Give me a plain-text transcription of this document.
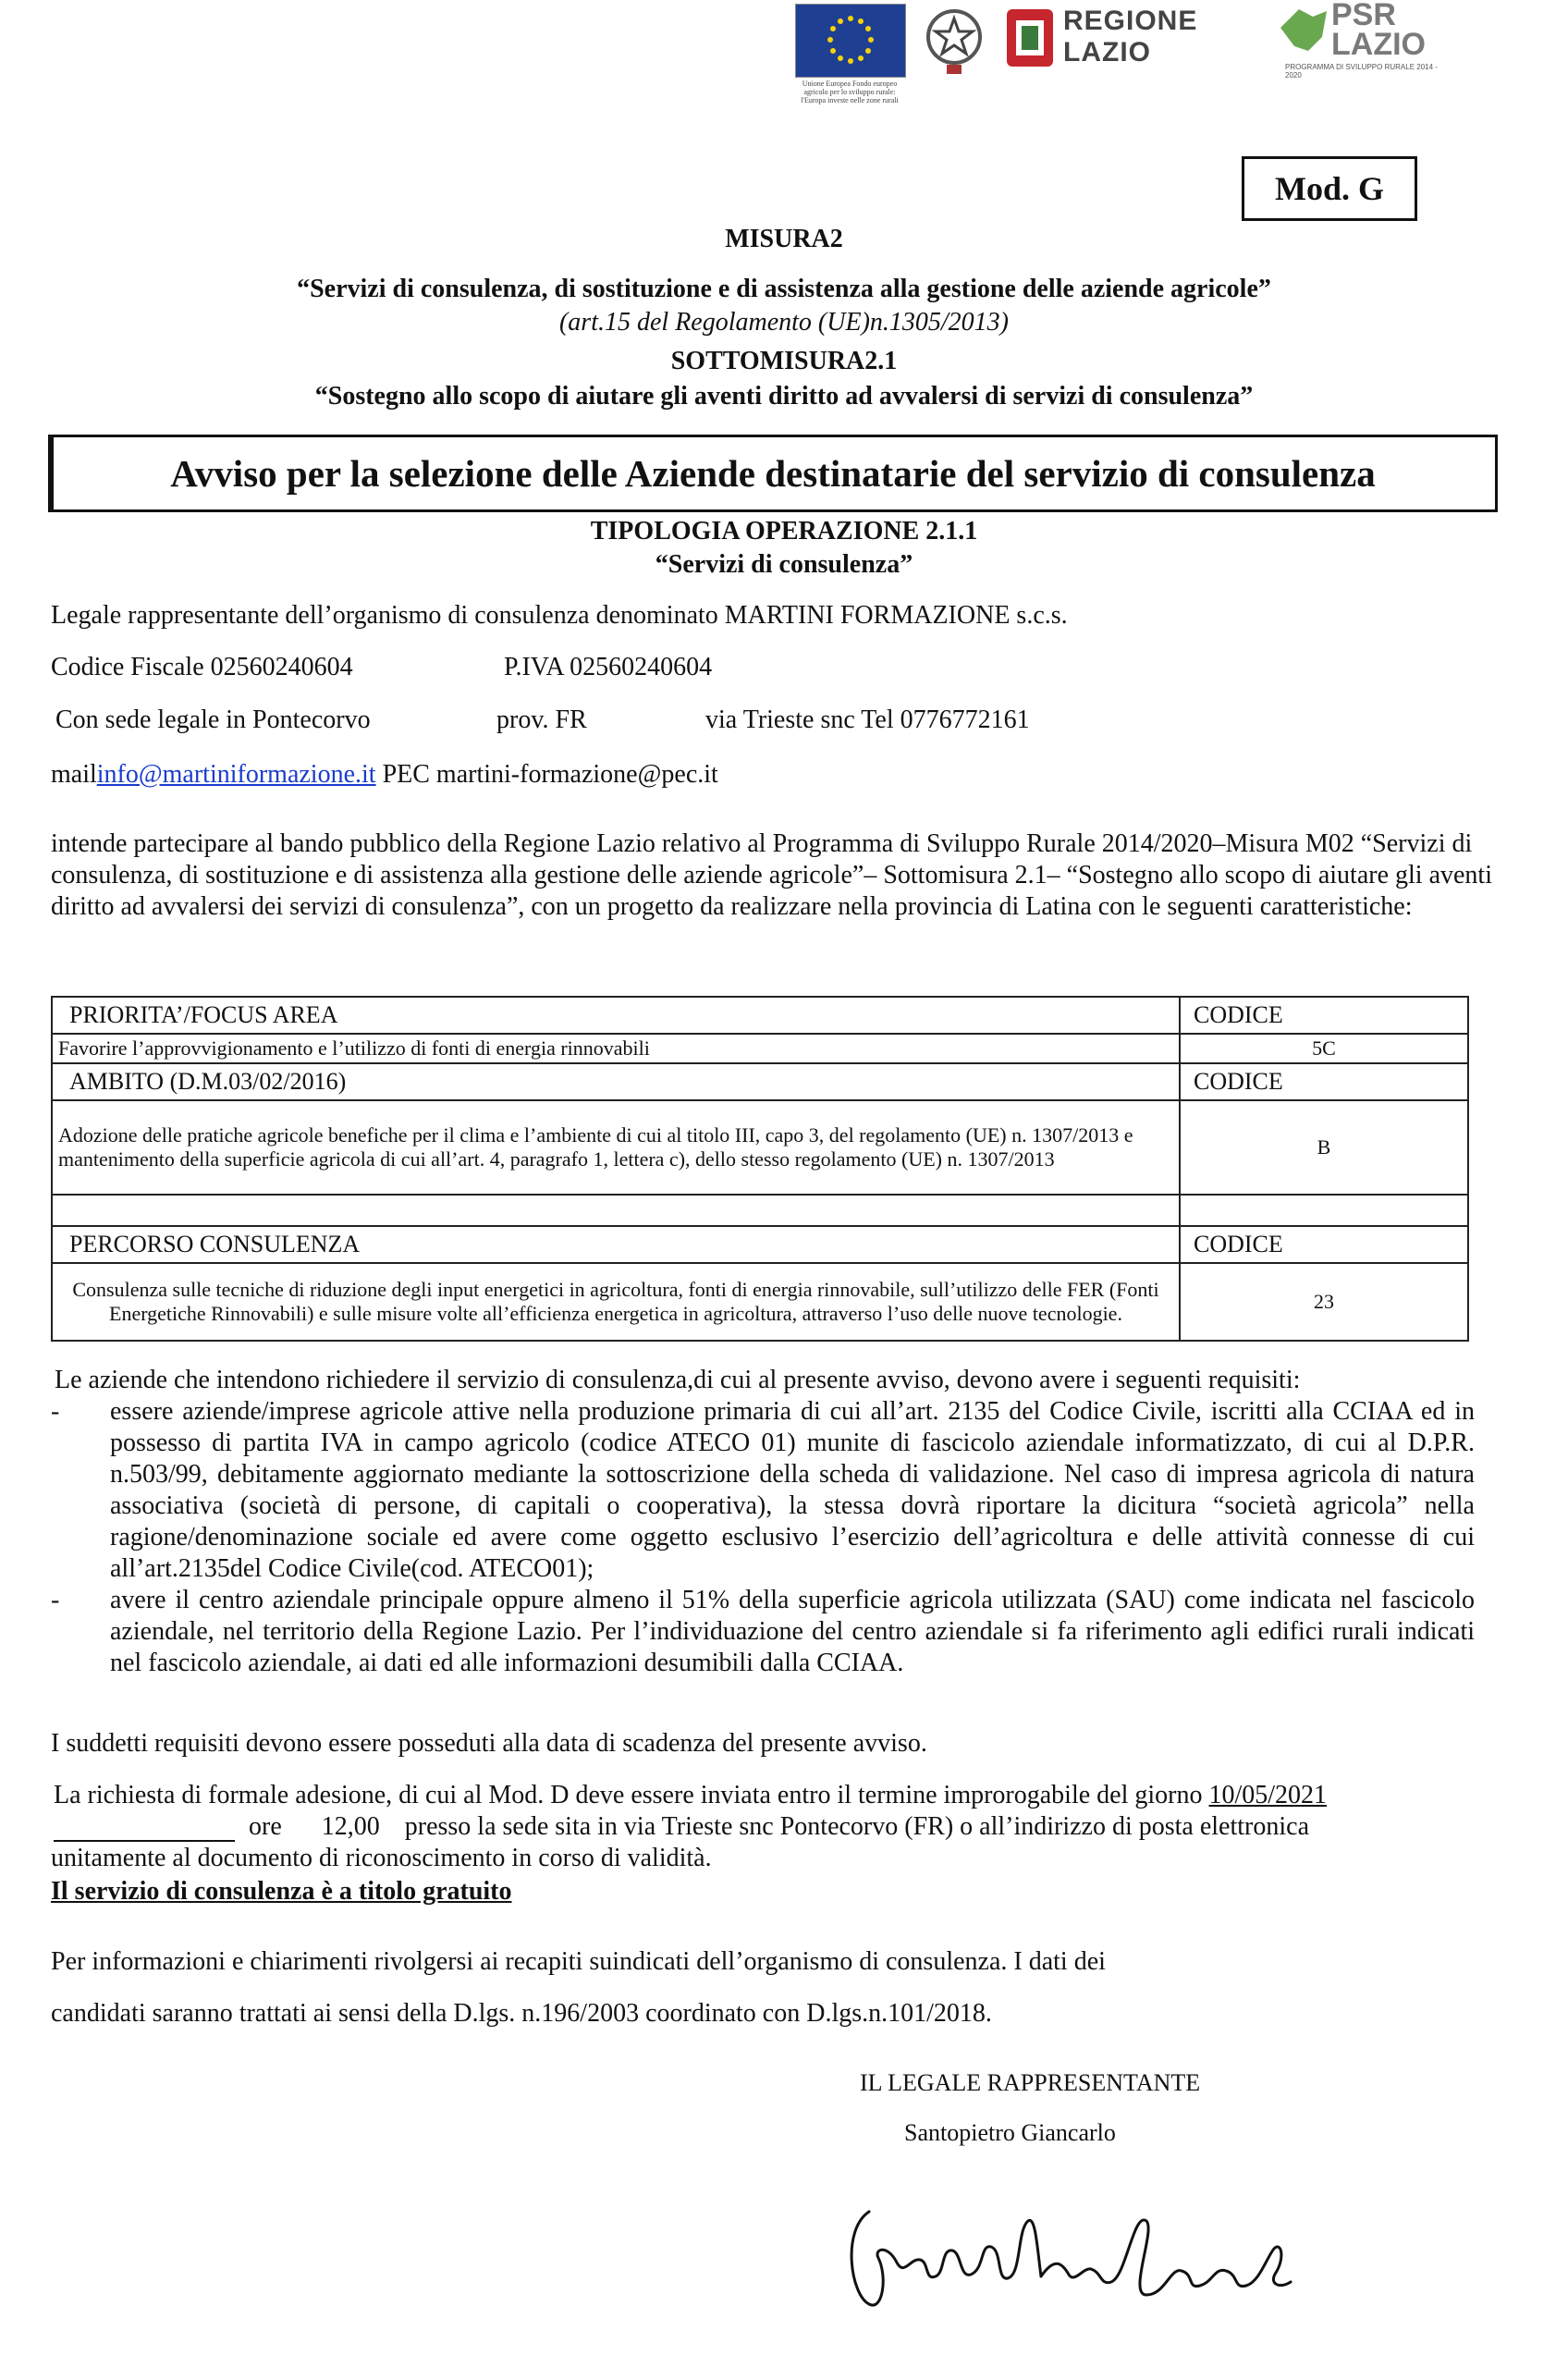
Unione Europea Fondo europeo agricolo per lo sviluppo rurale: l'Europa investe nelle zone rurali
REGIONE LAZIO
PSR LAZIO
PROGRAMMA DI SVILUPPO RURALE 2014 - 2020
Mod. G
MISURA2
“Servizi di consulenza, di sostituzione e di assistenza alla gestione delle aziende agricole”
(art.15 del Regolamento (UE)n.1305/2013)
SOTTOMISURA2.1
“Sostegno allo scopo di aiutare gli aventi diritto ad avvalersi di servizi di consulenza”
Avviso per la selezione delle Aziende destinatarie del servizio di consulenza
TIPOLOGIA OPERAZIONE 2.1.1
“Servizi di consulenza”
Legale rappresentante dell’organismo di consulenza denominato MARTINI FORMAZIONE s.c.s.
Codice Fiscale 02560240604	P.IVA 02560240604
Con sede legale in Pontecorvo	prov. FR	via Trieste snc Tel 0776772161
mailinfo@martiniformazione.it PEC martini-formazione@pec.it
intende partecipare al bando pubblico della Regione Lazio relativo al Programma di Sviluppo Rurale 2014/2020–Misura M02 “Servizi di consulenza, di sostituzione e di assistenza alla gestione delle aziende agricole”– Sottomisura 2.1– “Sostegno allo scopo di aiutare gli aventi diritto ad avvalersi dei servizi di consulenza”, con un progetto da realizzare nella provincia di Latina con le seguenti caratteristiche:
PRIORITA’/FOCUS AREA	CODICE
Favorire l’approvvigionamento e l’utilizzo di fonti di energia rinnovabili	5C
AMBITO (D.M.03/02/2016)	CODICE
Adozione delle pratiche agricole benefiche per il clima e l’ambiente di cui al titolo III, capo 3, del regolamento (UE) n. 1307/2013 e mantenimento della superficie agricola di cui all’art. 4, paragrafo 1, lettera c), dello stesso regolamento (UE) n. 1307/2013	B

PERCORSO CONSULENZA	CODICE
Consulenza sulle tecniche di riduzione degli input energetici in agricoltura, fonti di energia rinnovabile, sull’utilizzo delle FER (Fonti Energetiche Rinnovabili) e sulle misure volte all’efficienza energetica in agricoltura, attraverso l’uso delle nuove tecnologie.	23
Le aziende che intendono richiedere il servizio di consulenza,di cui al presente avviso, devono avere i seguenti requisiti:
- essere aziende/imprese agricole attive nella produzione primaria di cui all’art. 2135 del Codice Civile, iscritti alla CCIAA ed in possesso di partita IVA in campo agricolo (codice ATECO 01) munite di fascicolo aziendale informatizzato, di cui al D.P.R. n.503/99, debitamente aggiornato mediante la sottoscrizione della scheda di validazione. Nel caso di impresa agricola di natura associativa (società di persone, di capitali o cooperativa), la stessa dovrà riportare la dicitura “società agricola” nella ragione/denominazione sociale ed avere come oggetto esclusivo l’esercizio dell’agricoltura e delle attività connesse di cui all’art.2135del Codice Civile(cod. ATECO01);
- avere il centro aziendale principale oppure almeno il 51% della superficie agricola utilizzata (SAU) come indicata nel fascicolo aziendale, nel territorio della Regione Lazio. Per l’individuazione del centro aziendale si fa riferimento agli edifici rurali indicati nel fascicolo aziendale, ai dati ed alle informazioni desumibili dalla CCIAA.
I suddetti requisiti devono essere posseduti alla data di scadenza del presente avviso.
La richiesta di formale adesione, di cui al Mod. D deve essere inviata entro il termine improrogabile del giorno 10/05/2021
ore 12,00 presso la sede sita in via Trieste snc Pontecorvo (FR) o all’indirizzo di posta elettronica
unitamente al documento di riconoscimento in corso di validità.
Il servizio di consulenza è a titolo gratuito
Per informazioni e chiarimenti rivolgersi ai recapiti suindicati dell’organismo di consulenza. I dati dei
candidati saranno trattati ai sensi della D.lgs. n.196/2003 coordinato con D.lgs.n.101/2018.
IL LEGALE RAPPRESENTANTE
Santopietro Giancarlo
